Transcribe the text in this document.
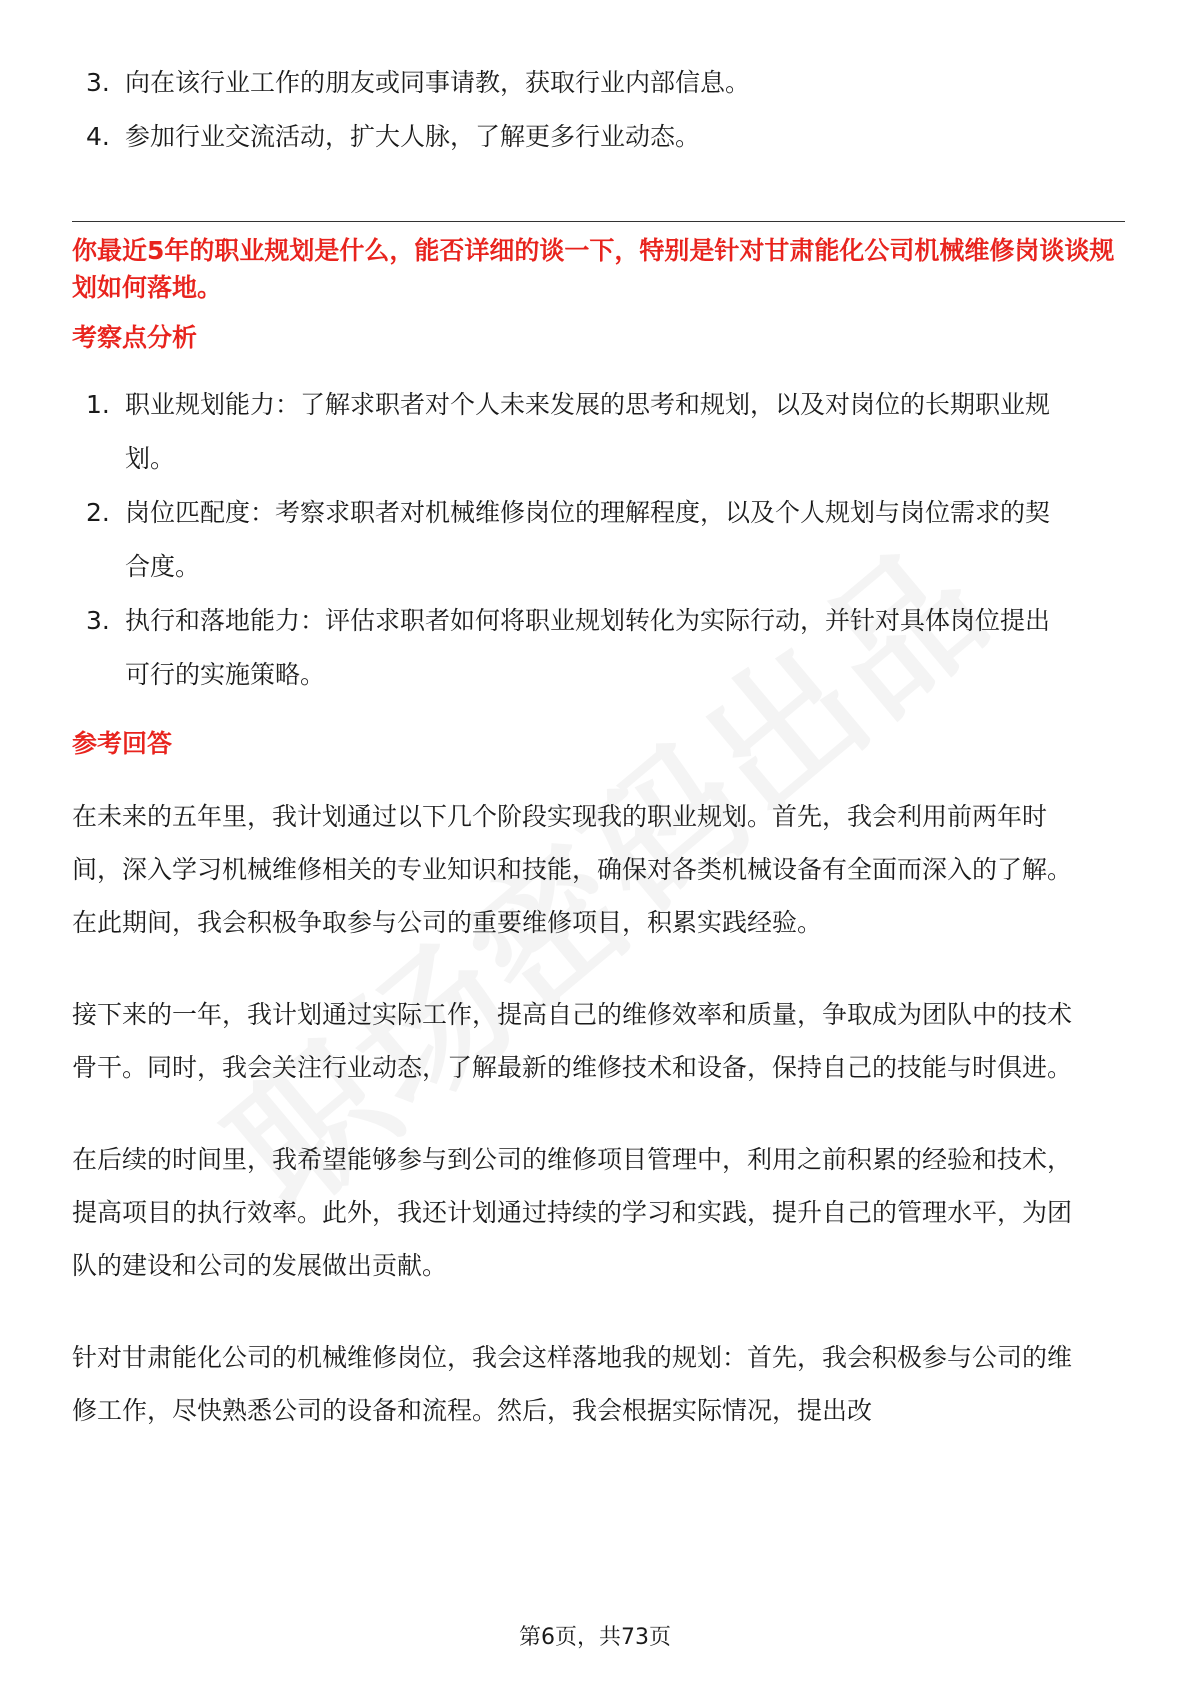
3. 向在该行业工作的朋友或同事请教，获取行业内部信息。
4. 参加行业交流活动，扩大人脉，了解更多行业动态。
你最近5年的职业规划是什么，能否详细的谈一下，特别是针对甘肃能化公司机械维修岗谈谈规划如何落地。
考察点分析
1. 职业规划能力：了解求职者对个人未来发展的思考和规划，以及对岗位的长期职业规划。
2. 岗位匹配度：考察求职者对机械维修岗位的理解程度，以及个人规划与岗位需求的契合度。
3. 执行和落地能力：评估求职者如何将职业规划转化为实际行动，并针对具体岗位提出可行的实施策略。
参考回答

在未来的五年里，我计划通过以下几个阶段实现我的职业规划。首先，我会利用前两年时间，深入学习机械维修相关的专业知识和技能，确保对各类机械设备有全面而深入的了解。在此期间，我会积极争取参与公司的重要维修项目，积累实践经验。

接下来的一年，我计划通过实际工作，提高自己的维修效率和质量，争取成为团队中的技术骨干。同时，我会关注行业动态，了解最新的维修技术和设备，保持自己的技能与时俱进。

在后续的时间里，我希望能够参与到公司的维修项目管理中，利用之前积累的经验和技术，提高项目的执行效率。此外，我还计划通过持续的学习和实践，提升自己的管理水平，为团队的建设和公司的发展做出贡献。

针对甘肃能化公司的机械维修岗位，我会这样落地我的规划：首先，我会积极参与公司的维修工作，尽快熟悉公司的设备和流程。然后，我会根据实际情况，提出改

第6页，共73页
